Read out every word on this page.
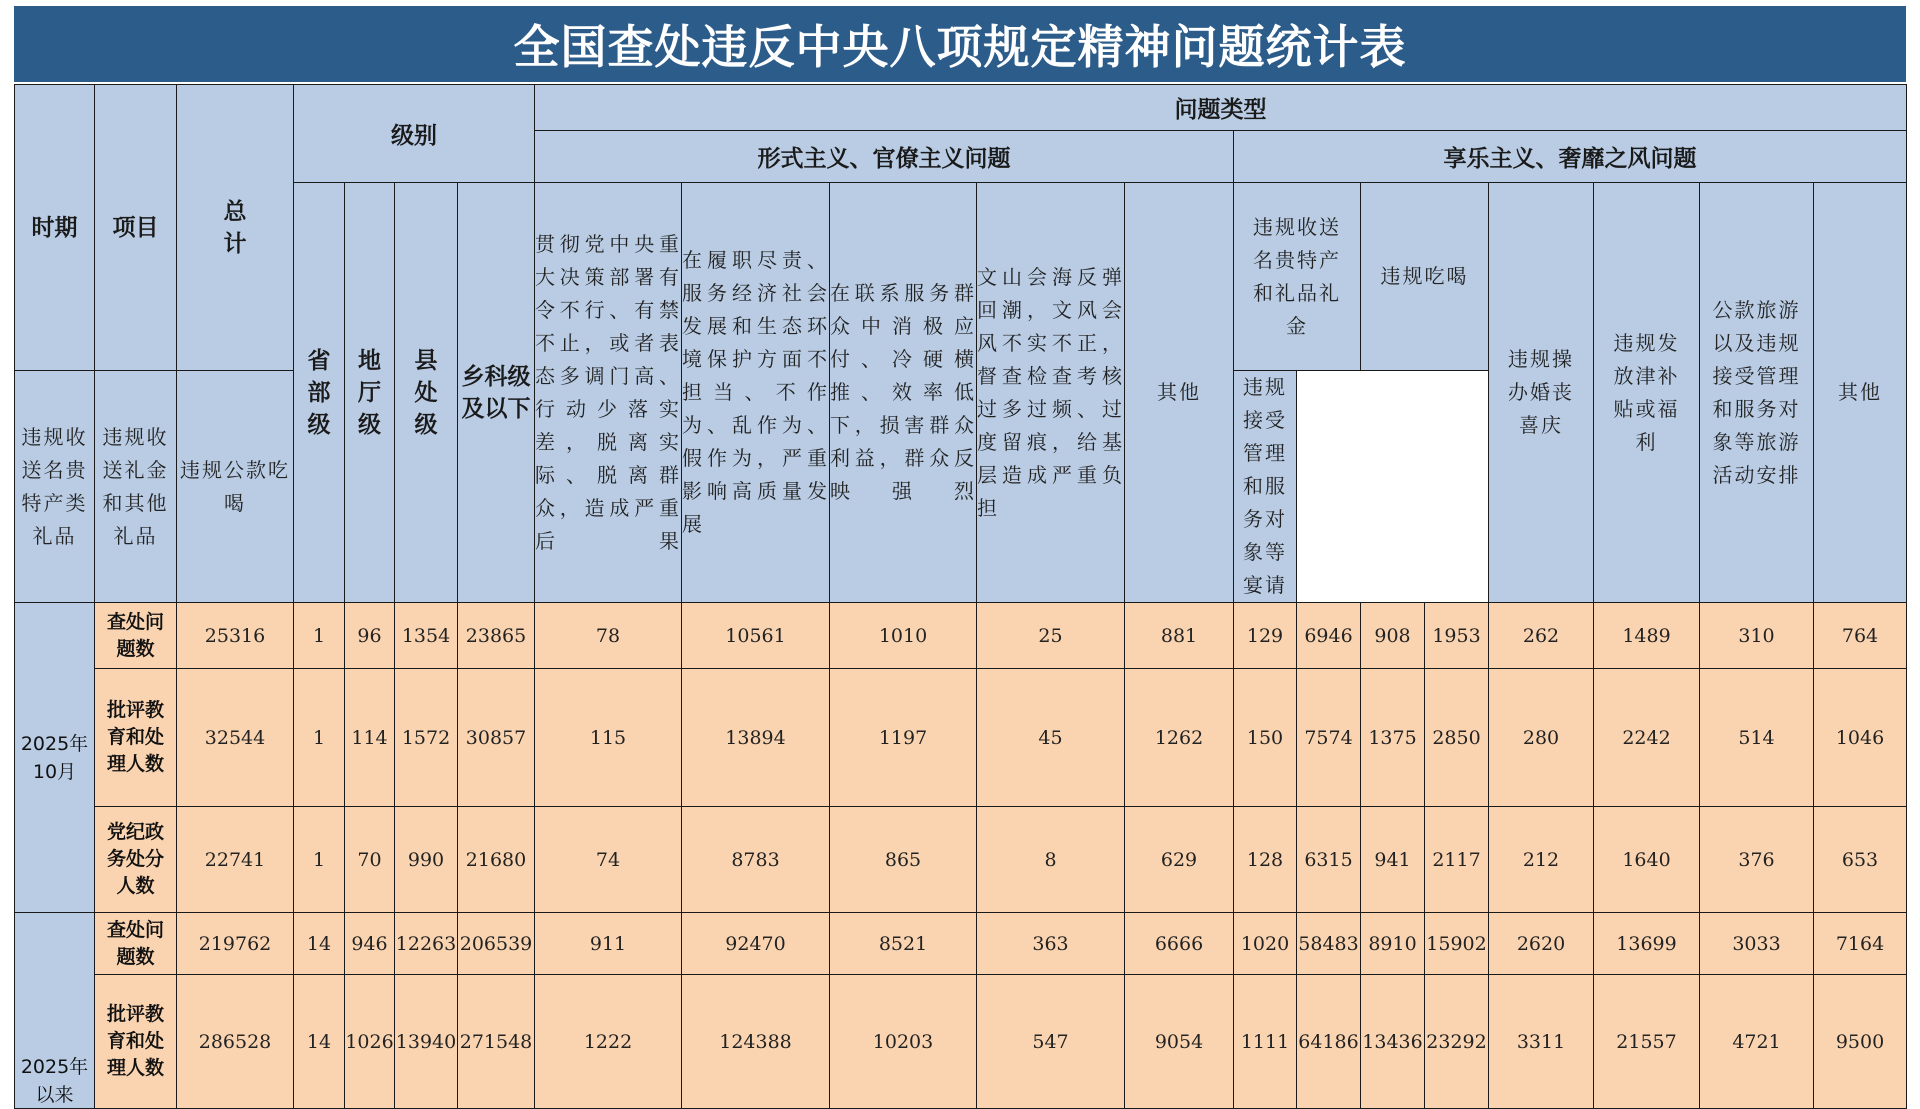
全国查处违反中央八项规定精神问题统计表
时期	项目	总计	级别				问题类型												
							形式主义、官僚主义问题					享乐主义、奢靡之风问题							

			省部级	地厅级	县处级	乡科级及以下	贯彻党中央重大决策部署有令不行、有禁不止，或者表态多调门高、行动少落实差，脱离实际、脱离群众，造成严重后果	在履职尽责、服务经济社会发展和生态环境保护方面不担当、不作为、乱作为、假作为，严重影响高质量发展	在联系服务群众中消极应付、冷硬横推、效率低下，损害群众利益，群众反映强烈	文山会海反弹回潮，文风会风不实不正，督查检查考核过多过频、过度留痕，给基层造成严重负担	其他	违规收送名贵特产和礼品礼金		违规吃喝		违规操办婚丧喜庆	违规发放津补贴或福利	公款旅游以及违规接受管理和服务对象等旅游活动安排	其他
违规收送名贵特产类礼品	违规收送礼金和其他礼品	违规公款吃喝										违规接受管理和服务对象等宴请							

2025年10月	查处问题数	25316	1	96	1354	23865	78	10561	1010	25	881	129	6946	908	1953	262	1489	310	764

	批评教育和处理人数	32544	1	114	1572	30857	115	13894	1197	45	1262	150	7574	1375	2850	280	2242	514	1046

	党纪政务处分人数	22741	1	70	990	21680	74	8783	865	8	629	128	6315	941	2117	212	1640	376	653

2025年以来	查处问题数	219762	14	946	12263	206539	911	92470	8521	363	6666	1020	58483	8910	15902	2620	13699	3033	7164

	批评教育和处理人数	286528	14	1026	13940	271548	1222	124388	10203	547	9054	1111	64186	13436	23292	3311	21557	4721	9500
